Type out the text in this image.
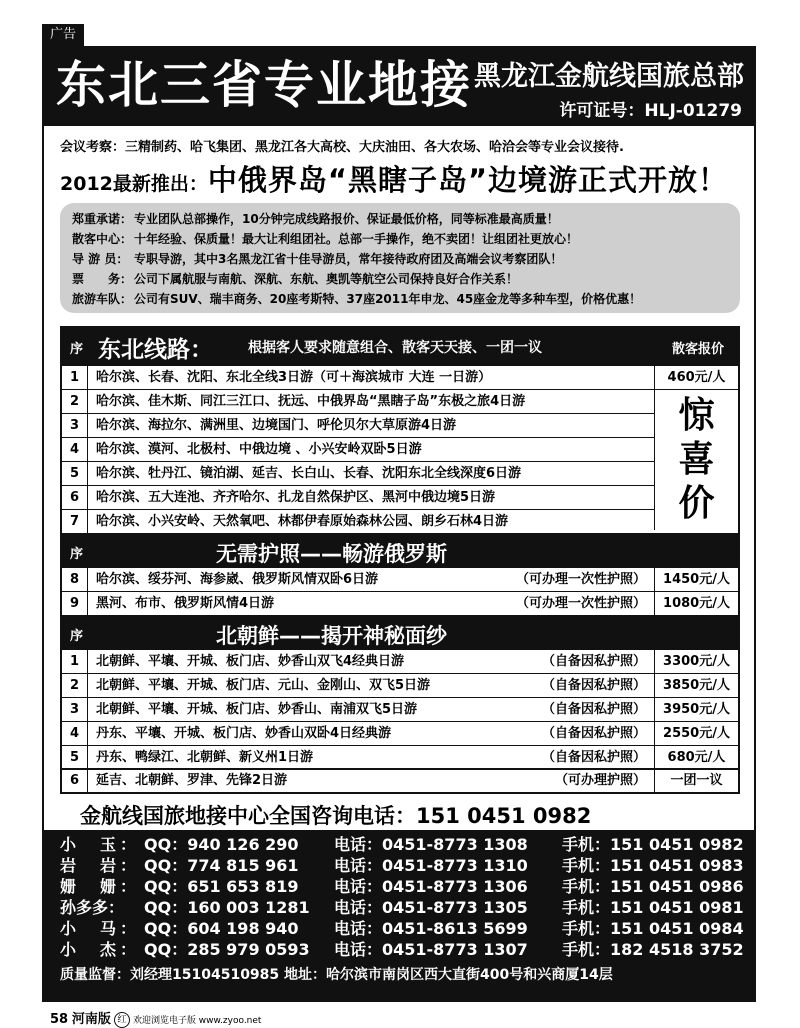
广告
东北三省专业地接 黑龙江金航线国旅总部
许可证号：HLJ-01279
会议考察：三精制药、哈飞集团、黑龙江各大高校、大庆油田、各大农场、哈洽会等专业会议接待.
2012最新推出：中俄界岛“黑瞎子岛”边境游正式开放！
郑重承诺： 专业团队总部操作，10分钟完成线路报价、保证最低价格，同等标准最高质量！
散客中心： 十年经验、保质量！最大让利组团社。总部一手操作，绝不卖团！让组团社更放心！
导 游 员： 专职导游，其中3名黑龙江省十佳导游员，常年接待政府团及高端会议考察团队！
票　　务： 公司下属航服与南航、深航、东航、奥凯等航空公司保持良好合作关系！
旅游车队： 公司有SUV、瑞丰商务、20座考斯特、37座2011年申龙、45座金龙等多种车型，价格优惠！
序 东北线路：	根据客人要求随意组合、散客天天接、一团一议	散客报价
1	哈尔滨、长春、沈阳、东北全线3日游（可＋海滨城市 大连 一日游）	460元/人
2	哈尔滨、佳木斯、同江三江口、抚远、中俄界岛“黑瞎子岛”东极之旅4日游
3	哈尔滨、海拉尔、满洲里、边境国门、呼伦贝尔大草原游4日游
4	哈尔滨、漠河、北极村、中俄边境 、小兴安岭双卧5日游
5	哈尔滨、牡丹江、镜泊湖、延吉、长白山、长春、沈阳东北全线深度6日游
6	哈尔滨、五大连池、齐齐哈尔、扎龙自然保护区、黑河中俄边境5日游
7	哈尔滨、小兴安岭、天然氧吧、林都伊春原始森林公园、朗乡石林4日游
惊
喜
价
序	无需护照——畅游俄罗斯
8	哈尔滨、绥芬河、海参崴、俄罗斯风情双卧6日游	（可办理一次性护照）	1450元/人
9	黑河、布市、俄罗斯风情4日游	（可办理一次性护照）	1080元/人
序	北朝鲜——揭开神秘面纱
1	北朝鲜、平壤、开城、板门店、妙香山双飞4经典日游	（自备因私护照）	3300元/人
2	北朝鲜、平壤、开城、板门店、元山、金刚山、双飞5日游	（自备因私护照）	3850元/人
3	北朝鲜、平壤、开城、板门店、妙香山、南浦双飞5日游	（自备因私护照）	3950元/人
4	丹东、平壤、开城、板门店、妙香山双卧4日经典游	（自备因私护照）	2550元/人
5	丹东、鸭绿江、北朝鲜、新义州1日游	（自备因私护照）	680元/人
6	延吉、北朝鲜、罗津、先锋2日游	（可办理护照）	一团一议
金航线国旅地接中心全国咨询电话：151 0451 0982
小　玉： QQ：940 126 290 电话：0451-8773 1308 手机：151 0451 0982
岩　岩： QQ：774 815 961 电话：0451-8773 1310 手机：151 0451 0983
姗　姗： QQ：651 653 819 电话：0451-8773 1306 手机：151 0451 0986
孙多多： QQ：160 003 1281 电话：0451-8773 1305 手机：151 0451 0981
小　马： QQ：604 198 940 电话：0451-8613 5699 手机：151 0451 0984
小　杰： QQ：285 979 0593 电话：0451-8773 1307 手机：182 4518 3752
质量监督：刘经理15104510985 地址：哈尔滨市南岗区西大直街400号和兴商厦14层
58 河南版 红 欢迎浏览电子版 www.zyoo.net
